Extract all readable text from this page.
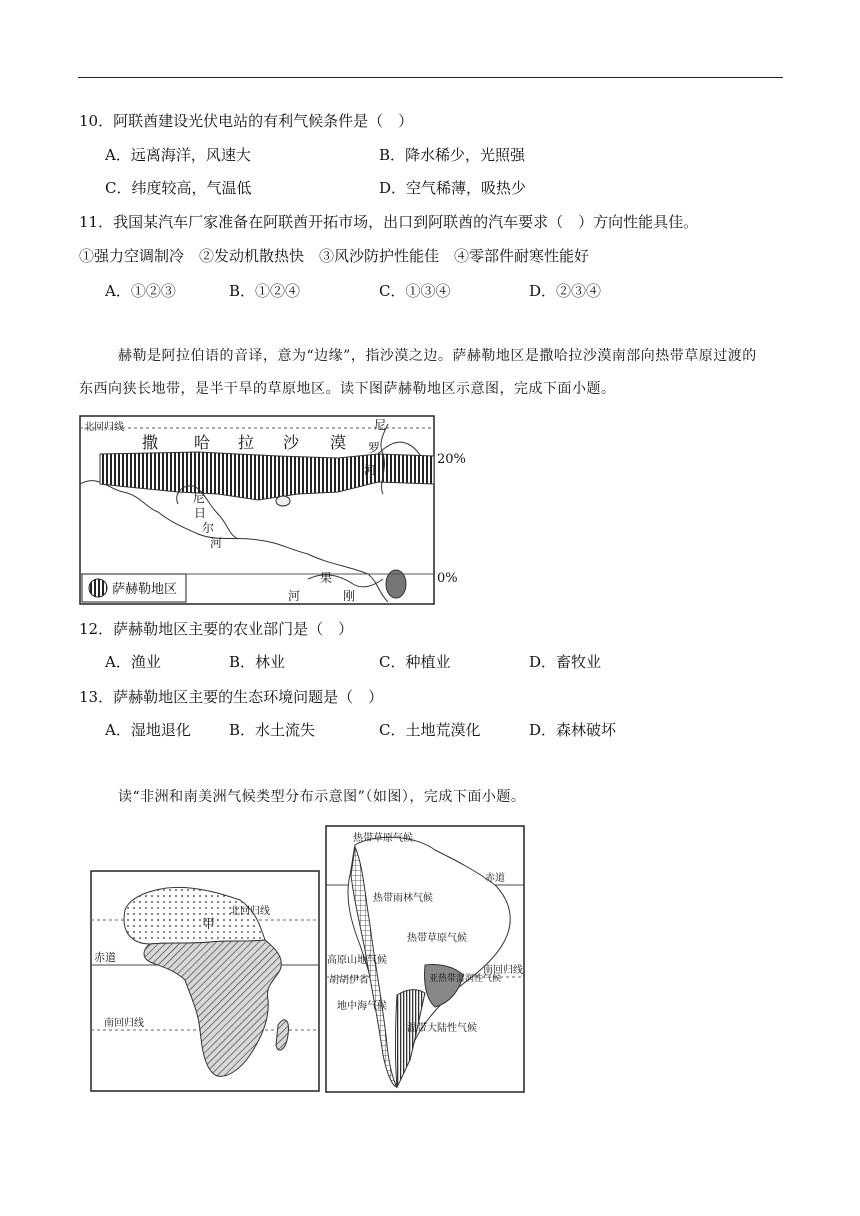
10．阿联酋建设光伏电站的有利气候条件是（　）
A．远离海洋，风速大	B．降水稀少，光照强
C．纬度较高，气温低	D．空气稀薄，吸热少
11．我国某汽车厂家准备在阿联酋开拓市场，出口到阿联酋的汽车要求（　）方向性能具佳。
①强力空调制冷　②发动机散热快　③风沙防护性能佳　④零部件耐寒性能好
A．①②③	B．①②④	C．①③④	D．②③④
赫勒是阿拉伯语的音译，意为“边缘”，指沙漠之边。萨赫勒地区是撒哈拉沙漠南部向热带草原过渡的
东西向狭长地带，是半干旱的草原地区。读下图萨赫勒地区示意图，完成下面小题。
北回归线
撒 哈 拉 沙 漠
尼
罗
河
尼
日
尔
河
果
河	刚
20%
0%
萨赫勒地区
12．萨赫勒地区主要的农业部门是（　）
A．渔业	B．林业	C．种植业	D．畜牧业
13．萨赫勒地区主要的生态环境问题是（　）
A．湿地退化	B．水土流失	C．土地荒漠化	D．森林破坏
读“非洲和南美洲气候类型分布示意图”（如图），完成下面小题。
甲
北回归线
赤道
南回归线
热带草原气候
赤道
热带雨林气候
热带草原气候
高原山地气候
胡胡伊省
南回归线
亚热带湿润性气候
地中海气候
温带大陆性气候
